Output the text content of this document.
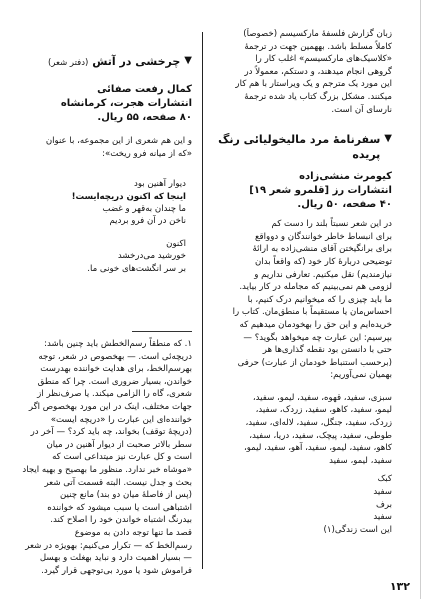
زبان گزارش فلسفهٔ مارکسیسم (خصوصاً)

کاملاً مسلط باشد. بههمین جهت در ترجمهٔ

«کلاسیک‌های مارکسیسم» اغلب کار را

گروهی انجام میدهند، و دستکم، معمولاً در

این مورد یک مترجم و یک ویراستار با هم کار

میکنند. مشکل بزرگ کتاب یاد شده ترجمهٔ

نارسای آن است.

▼
سفرنامهٔ مرد مالیخولیائی رنگ
پریده
کیومرث منشی‌زاده
انتشارات رز [قلمرو شعر ۱۹]
۴۰ صفحه، ۵۰ ریال.

در این شعر نسبتاً بلند را دست کم

برای انبساط خاطر خوانندگان و دوواقع

برای برانگیختن آقای منشی‌زاده به ارائهٔ

توضیحی دربارهٔ کار خود (که واقعاً بدان

نیازمندیم) نقل میکنیم. تعارفی نداریم و

لزومی هم نمی‌بینیم که مجامله در کار بیاید.

ما باید چیزی را که میخوانیم درک کنیم، با

احساس‌مان یا مستقیماً با منطق‌مان. کتاب را

خریده‌ایم و این حق را بهخودمان میدهیم که

بپرسیم: این عبارت چه میخواهد بگوید؟ —

حتی با دانستن بود نقطه گذاری‌ها هر

(برحسب استنباط خودمان از عبارت) حرفی

بهمیان نمی‌آوریم:

سبزی، سفید، قهوه، سفید، لیمو، سفید،

لیمو، سفید، کاهو، سفید، زردک، سفید،

زردک، سفید، جنگل، سفید، لاله‌ای، سفید،

طوطی، سفید، پیچک، سفید، دریا، سفید،

کاهو، سفید، لیمو، سفید، آهو، سفید، لیمو،

سفید، لیمو، سفید

کبک

سفید

برف

سفید

این است زندگی(۱)

▼
چرخشی در آتش (دفتر شعر)
کمال رفعت صفائی
انتشارات هجرت، کرمانشاه
۸۰ صفحه، ۵۵ ریال.

و این هم شعری از این مجموعه، با عنوان

«که از میانه فرو ریخت»:

دیوار آهنین بود

اینجا که اکنون دریچه‌ایست!

ما چندان به‌قهر و غضب

ناخن در آن فرو بردیم

اکنون

خورشید می‌درخشد

بر سر انگشت‌های خونی ما.

۱. که منطقاً رسم‌الخطش باید چنین باشد:

دریچه‌ئی است. — بهخصوص در شعر، توجه

بهرسم‌الخط، برای هدایت خواننده بهدرست

خواندن، بسیار ضروری است. چرا که منطق

شعری، گاه را الزامی میکند. یا صرف‌نظر از

جهات مختلف، اینک در این مورد بهخصوص اگر

خواننده‌ای این عبارت را «دریچه ایست»

(دریچهٔ توقف) بخواند، چه باید کرد؟ — آخر در

سطر بالاتر صحبت از دیوار آهنین در میان

است و کل عبارت نیز میتداعی است که

«موشاه خبر ندارد. منظور ما بهصیح و بهیه ایجاد

بحث و جدل نیست. البته قسمت آتی شعر

(پس از فاصلهٔ میان دو بند) مانع چنین

اشتباهی است یا سبب میشود که خواننده

بیدرنگ اشتباه خواندن خود را اصلاح کند.

قصد ما تنها توجه دادن به موضوع

رسم‌الخط که — تکرار می‌کنیم: بهویژه در شعر

— بسیار اهمیت دارد و نباید بهغلت و بهسل

فراموش شود یا مورد بی‌توجهی قرار گیرد.

۱۳۲
